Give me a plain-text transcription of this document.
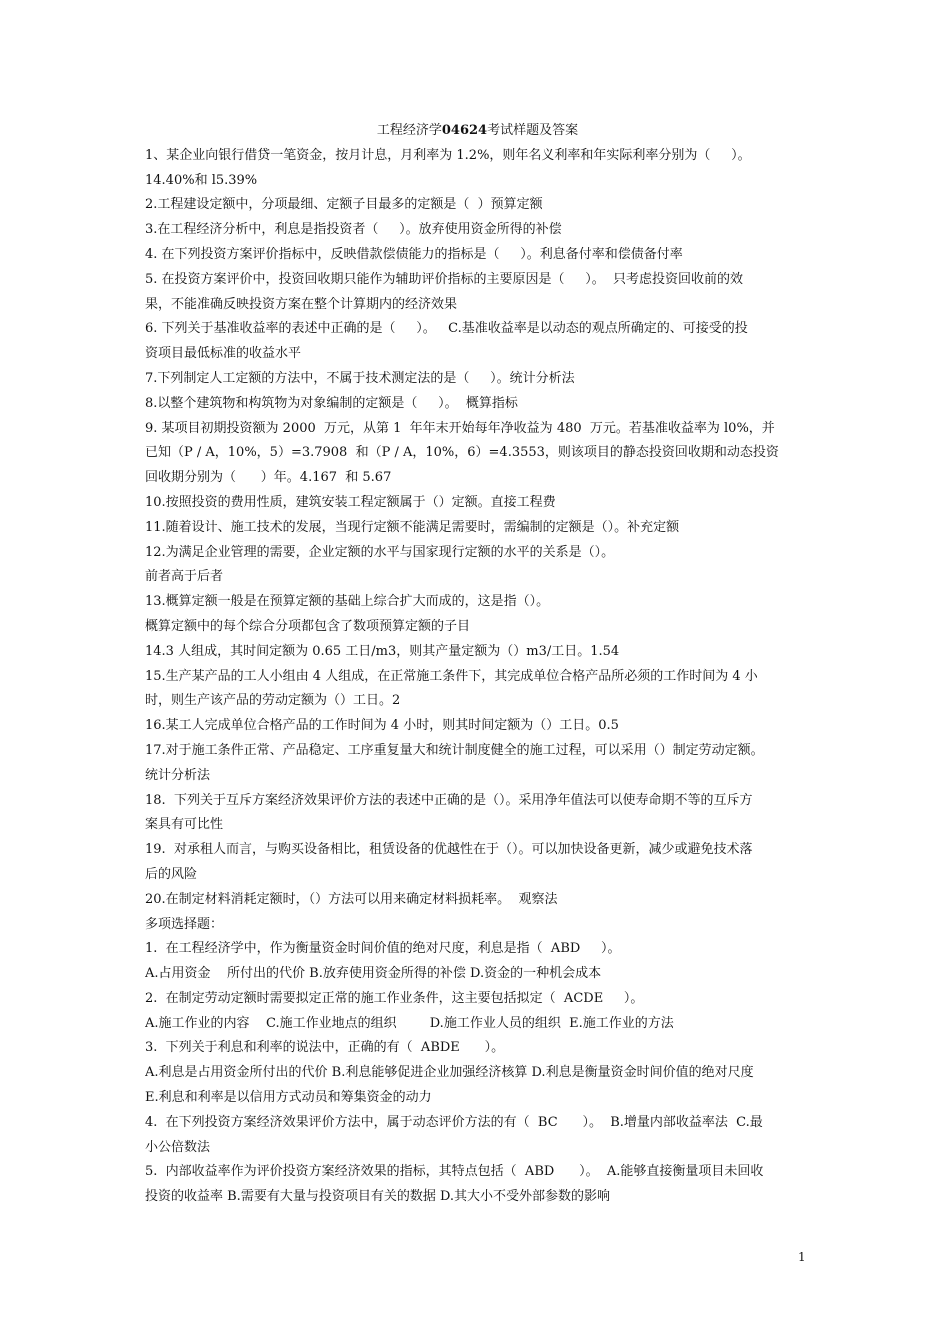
工程经济学04624考试样题及答案

1、某企业向银行借贷一笔资金，按月计息，月利率为 1.2%，则年名义利率和年实际利率分别为（     ）。
14.40%和 l5.39%
2.工程建设定额中，分项最细、定额子目最多的定额是（  ）预算定额
3.在工程经济分析中，利息是指投资者（     ）。放弃使用资金所得的补偿
4. 在下列投资方案评价指标中，反映借款偿债能力的指标是（     ）。利息备付率和偿债备付率
5. 在投资方案评价中，投资回收期只能作为辅助评价指标的主要原因是（     ）。  只考虑投资回收前的效
果，不能准确反映投资方案在整个计算期内的经济效果
6. 下列关于基准收益率的表述中正确的是（     ）。   C.基准收益率是以动态的观点所确定的、可接受的投
资项目最低标准的收益水平
7.下列制定人工定额的方法中，不属于技术测定法的是（     ）。统计分析法
8.以整个建筑物和构筑物为对象编制的定额是（     ）。  概算指标
9. 某项目初期投资额为 2000  万元，从第 1  年年末开始每年净收益为 480  万元。若基准收益率为 l0%，并
已知（P / A，10%，5）=3.7908  和（P / A，10%，6）=4.3553，则该项目的静态投资回收期和动态投资
回收期分别为（      ）年。4.167  和 5.67
10.按照投资的费用性质，建筑安装工程定额属于（）定额。直接工程费
11.随着设计、施工技术的发展，当现行定额不能满足需要时，需编制的定额是（）。补充定额
12.为满足企业管理的需要，企业定额的水平与国家现行定额的水平的关系是（）。
前者高于后者
13.概算定额一般是在预算定额的基础上综合扩大而成的，这是指（）。
概算定额中的每个综合分项都包含了数项预算定额的子目
14.3 人组成，其时间定额为 0.65 工日/m3，则其产量定额为（）m3/工日。1.54
15.生产某产品的工人小组由 4 人组成，在正常施工条件下，其完成单位合格产品所必须的工作时间为 4 小
时，则生产该产品的劳动定额为（）工日。2
16.某工人完成单位合格产品的工作时间为 4 小时，则其时间定额为（）工日。0.5
17.对于施工条件正常、产品稳定、工序重复量大和统计制度健全的施工过程，可以采用（）制定劳动定额。
统计分析法
18.  下列关于互斥方案经济效果评价方法的表述中正确的是（）。采用净年值法可以使寿命期不等的互斥方
案具有可比性
19.  对承租人而言，与购买设备相比，租赁设备的优越性在于（）。可以加快设备更新，减少或避免技术落
后的风险
20.在制定材料消耗定额时，（）方法可以用来确定材料损耗率。  观察法
多项选择题：
1.  在工程经济学中，作为衡量资金时间价值的绝对尺度，利息是指（  ABD     ）。
A.占用资金    所付出的代价 B.放弃使用资金所得的补偿 D.资金的一种机会成本
2.  在制定劳动定额时需要拟定正常的施工作业条件，这主要包括拟定（  ACDE     ）。
A.施工作业的内容    C.施工作业地点的组织        D.施工作业人员的组织  E.施工作业的方法
3.  下列关于利息和利率的说法中，正确的有（  ABDE      ）。
A.利息是占用资金所付出的代价 B.利息能够促进企业加强经济核算 D.利息是衡量资金时间价值的绝对尺度
E.利息和利率是以信用方式动员和筹集资金的动力
4.  在下列投资方案经济效果评价方法中，属于动态评价方法的有（  BC      ）。  B.增量内部收益率法  C.最
小公倍数法
5.  内部收益率作为评价投资方案经济效果的指标，其特点包括（  ABD      ）。  A.能够直接衡量项目未回收
投资的收益率 B.需要有大量与投资项目有关的数据 D.其大小不受外部参数的影响
1
